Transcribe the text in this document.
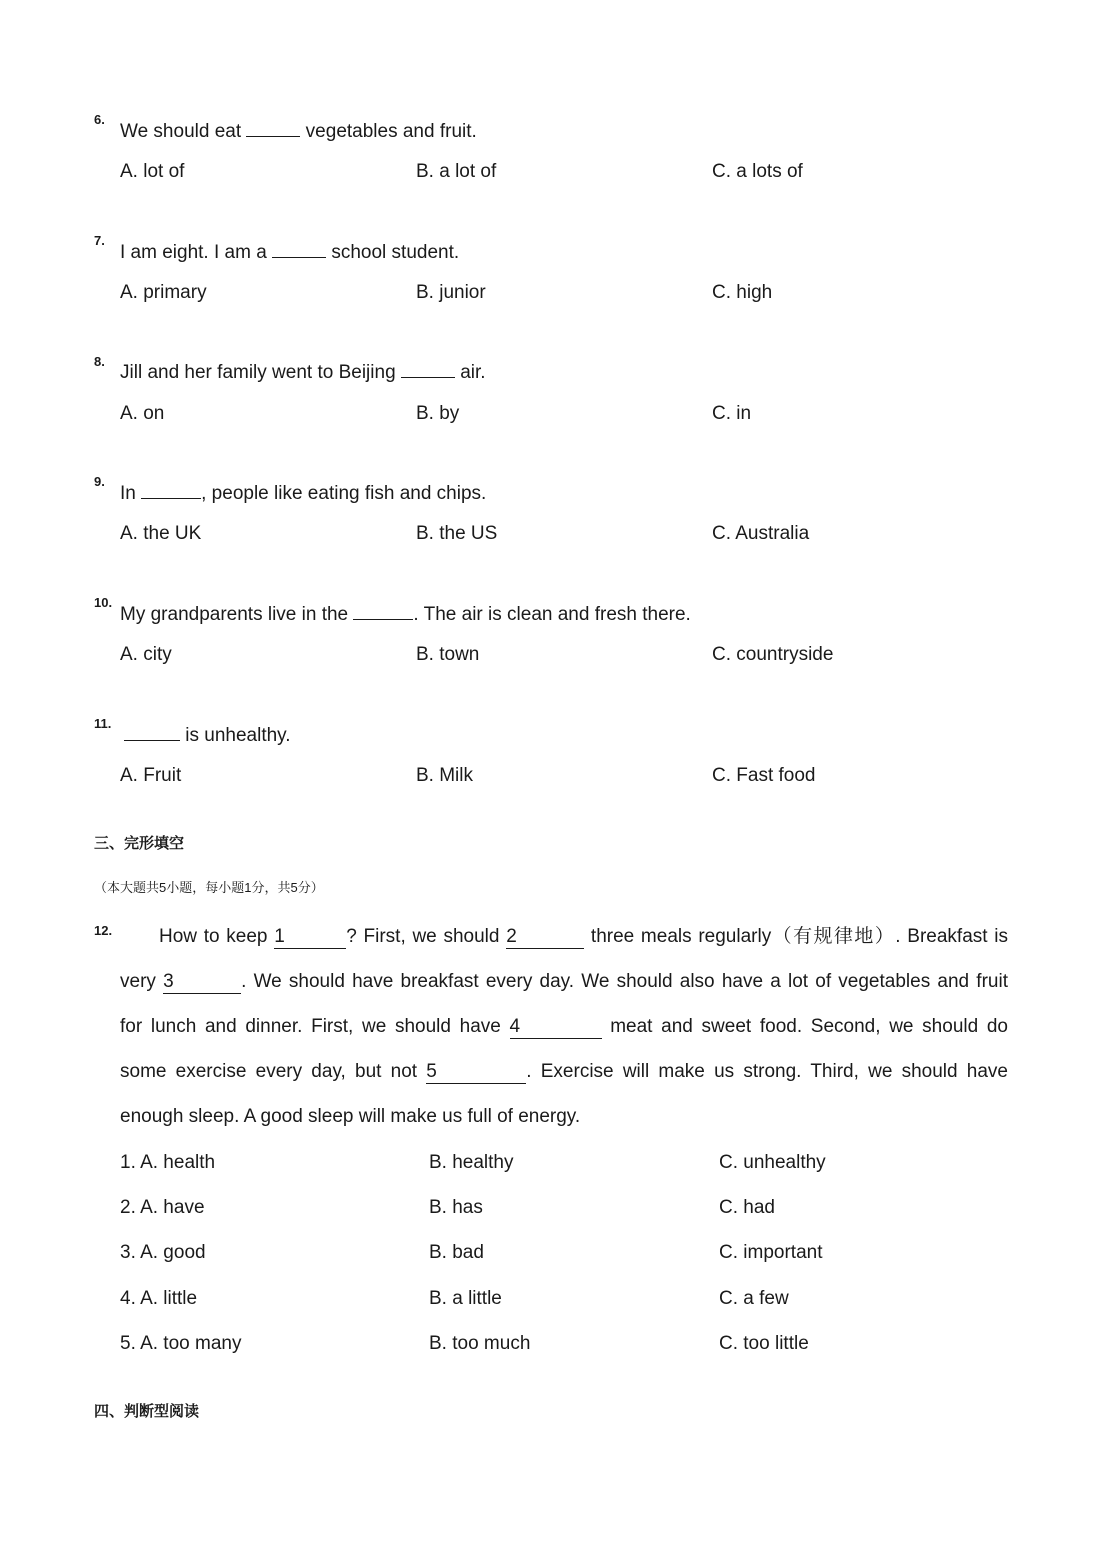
6.
We should eat	vegetables and fruit.
A. lot of	B. a lot of	C. a lots of
7.
I am eight. I am a	school student.
A. primary	B. junior	C. high
8.
Jill and her family went to Beijing	air.
A. on	B. by	C. in
9.
In	, people like eating fish and chips.
A. the UK	B. the US	C. Australia
10.
My grandparents live in the	. The air is clean and fresh there.
A. city	B. town	C. countryside
11.
is unhealthy.
A. Fruit	B. Milk	C. Fast food
三、完形填空
（本大题共5小题，每小题1分，共5分）
12.	How to keep 1	? First, we should 2	three meals regularly（有规律地）. Breakfast is
very 3	. We should have breakfast every day. We should also have a lot of vegetables and fruit
for lunch and dinner. First, we should have 4	meat and sweet food. Second, we should do
some exercise every day, but not 5	. Exercise will make us strong. Third, we should have
enough sleep. A good sleep will make us full of energy.
1. A. health	B. healthy	C. unhealthy
2. A. have	B. has	C. had
3. A. good	B. bad	C. important
4. A. little	B. a little	C. a few
5. A. too many	B. too much	C. too little
四、判断型阅读
